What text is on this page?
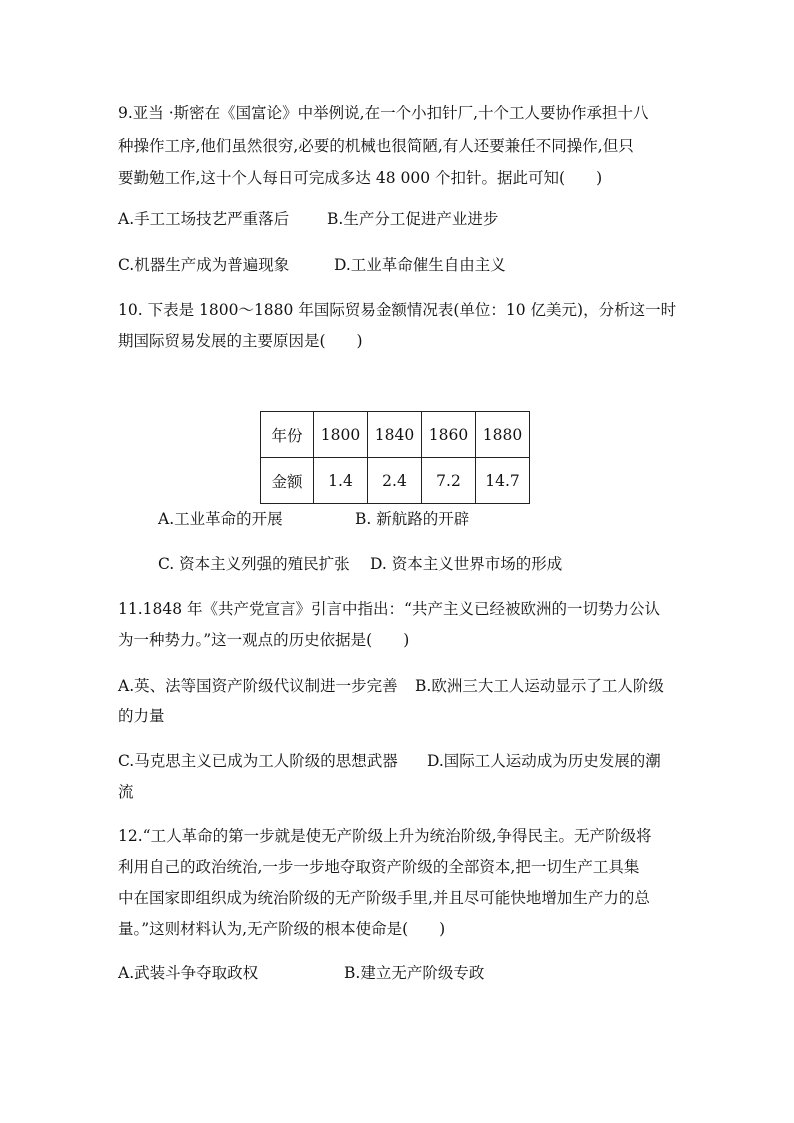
9.亚当 ·斯密在《国富论》中举例说,在一个小扣针厂,十个工人要协作承担十八
种操作工序,他们虽然很穷,必要的机械也很简陋,有人还要兼任不同操作,但只
要勤勉工作,这十个人每日可完成多达 48 000 个扣针。据此可知(　　)
A.手工工场技艺严重落后 B.生产分工促进产业进步
C.机器生产成为普遍现象	D.工业革命催生自由主义
10. 下表是 1800～1880 年国际贸易金额情况表(单位：10 亿美元)，分析这一时
期国际贸易发展的主要原因是(　　)
年份	1800	1840	1860	1880
金额	1.4	2.4	7.2	14.7
A.工业革命的开展	B. 新航路的开辟
C. 资本主义列强的殖民扩张 D. 资本主义世界市场的形成
11.1848 年《共产党宣言》引言中指出：“共产主义已经被欧洲的一切势力公认
为一种势力。”这一观点的历史依据是(　　)
A.英、法等国资产阶级代议制进一步完善 B.欧洲三大工人运动显示了工人阶级
的力量
C.马克思主义已成为工人阶级的思想武器 D.国际工人运动成为历史发展的潮
流
12.“工人革命的第一步就是使无产阶级上升为统治阶级,争得民主。无产阶级将
利用自己的政治统治,一步一步地夺取资产阶级的全部资本,把一切生产工具集
中在国家即组织成为统治阶级的无产阶级手里,并且尽可能快地增加生产力的总
量。”这则材料认为,无产阶级的根本使命是(　　)
A.武装斗争夺取政权	B.建立无产阶级专政
